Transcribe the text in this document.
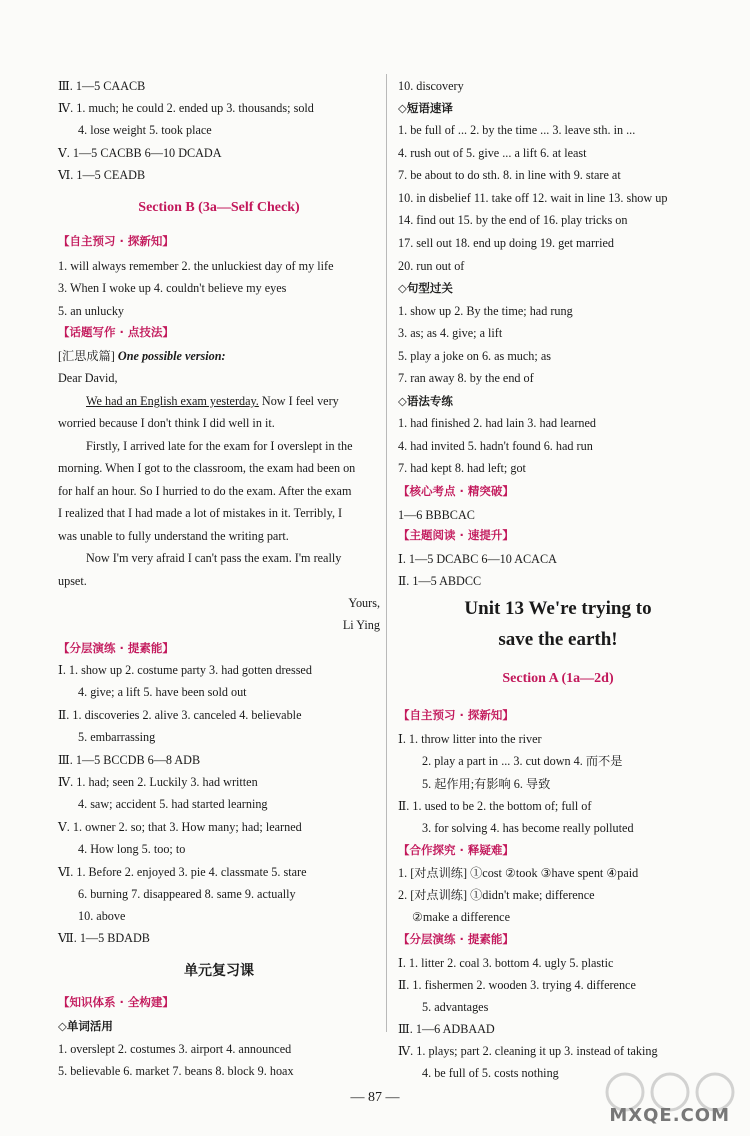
Ⅲ. 1—5 CAACB
Ⅳ. 1. much; he could 2. ended up 3. thousands; sold
4. lose weight 5. took place
Ⅴ. 1—5 CACBB 6—10 DCADA
Ⅵ. 1—5 CEADB
Section B (3a—Self Check)
【自主预习 · 探新知】
1. will always remember 2. the unluckiest day of my life
3. When I woke up 4. couldn't believe my eyes
5. an unlucky
【话题写作 · 点技法】
[汇思成篇] One possible version:
Dear David,
We had an English exam yesterday. Now I feel very
worried because I don't think I did well in it.
Firstly, I arrived late for the exam for I overslept in the
morning. When I got to the classroom, the exam had been on
for half an hour. So I hurried to do the exam. After the exam
I realized that I had made a lot of mistakes in it. Terribly, I
was unable to fully understand the writing part.
Now I'm very afraid I can't pass the exam. I'm really
upset.
Yours,
Li Ying
【分层演练 · 提素能】
Ⅰ. 1. show up 2. costume party 3. had gotten dressed
4. give; a lift 5. have been sold out
Ⅱ. 1. discoveries 2. alive 3. canceled 4. believable
5. embarrassing
Ⅲ. 1—5 BCCDB 6—8 ADB
Ⅳ. 1. had; seen 2. Luckily 3. had written
4. saw; accident 5. had started learning
Ⅴ. 1. owner 2. so; that 3. How many; had; learned
4. How long 5. too; to
Ⅵ. 1. Before 2. enjoyed 3. pie 4. classmate 5. stare
6. burning 7. disappeared 8. same 9. actually
10. above
Ⅶ. 1—5 BDADB
单元复习课
【知识体系 · 全构建】
◇单词活用
1. overslept 2. costumes 3. airport 4. announced
5. believable 6. market 7. beans 8. block 9. hoax
10. discovery
◇短语速译
1. be full of ... 2. by the time ... 3. leave sth. in ...
4. rush out of 5. give ... a lift 6. at least
7. be about to do sth. 8. in line with 9. stare at
10. in disbelief 11. take off 12. wait in line 13. show up
14. find out 15. by the end of 16. play tricks on
17. sell out 18. end up doing 19. get married
20. run out of
◇句型过关
1. show up 2. By the time; had rung
3. as; as 4. give; a lift
5. play a joke on 6. as much; as
7. ran away 8. by the end of
◇语法专练
1. had finished 2. had lain 3. had learned
4. had invited 5. hadn't found 6. had run
7. had kept 8. had left; got
【核心考点 · 精突破】
1—6 BBBCAC
【主题阅读 · 速提升】
Ⅰ. 1—5 DCABC 6—10 ACACA
Ⅱ. 1—5 ABDCC
Unit 13 We're trying to
save the earth!
Section A (1a—2d)
【自主预习 · 探新知】
Ⅰ. 1. throw litter into the river
2. play a part in ... 3. cut down 4. 而不是
5. 起作用;有影响 6. 导致
Ⅱ. 1. used to be 2. the bottom of; full of
3. for solving 4. has become really polluted
【合作探究 · 释疑难】
1. [对点训练] ①cost ②took ③have spent ④paid
2. [对点训练] ①didn't make; difference
②make a difference
【分层演练 · 提素能】
Ⅰ. 1. litter 2. coal 3. bottom 4. ugly 5. plastic
Ⅱ. 1. fishermen 2. wooden 3. trying 4. difference
5. advantages
Ⅲ. 1—6 ADBAAD
Ⅳ. 1. plays; part 2. cleaning it up 3. instead of taking
4. be full of 5. costs nothing
— 87 —
MXQE.COM
